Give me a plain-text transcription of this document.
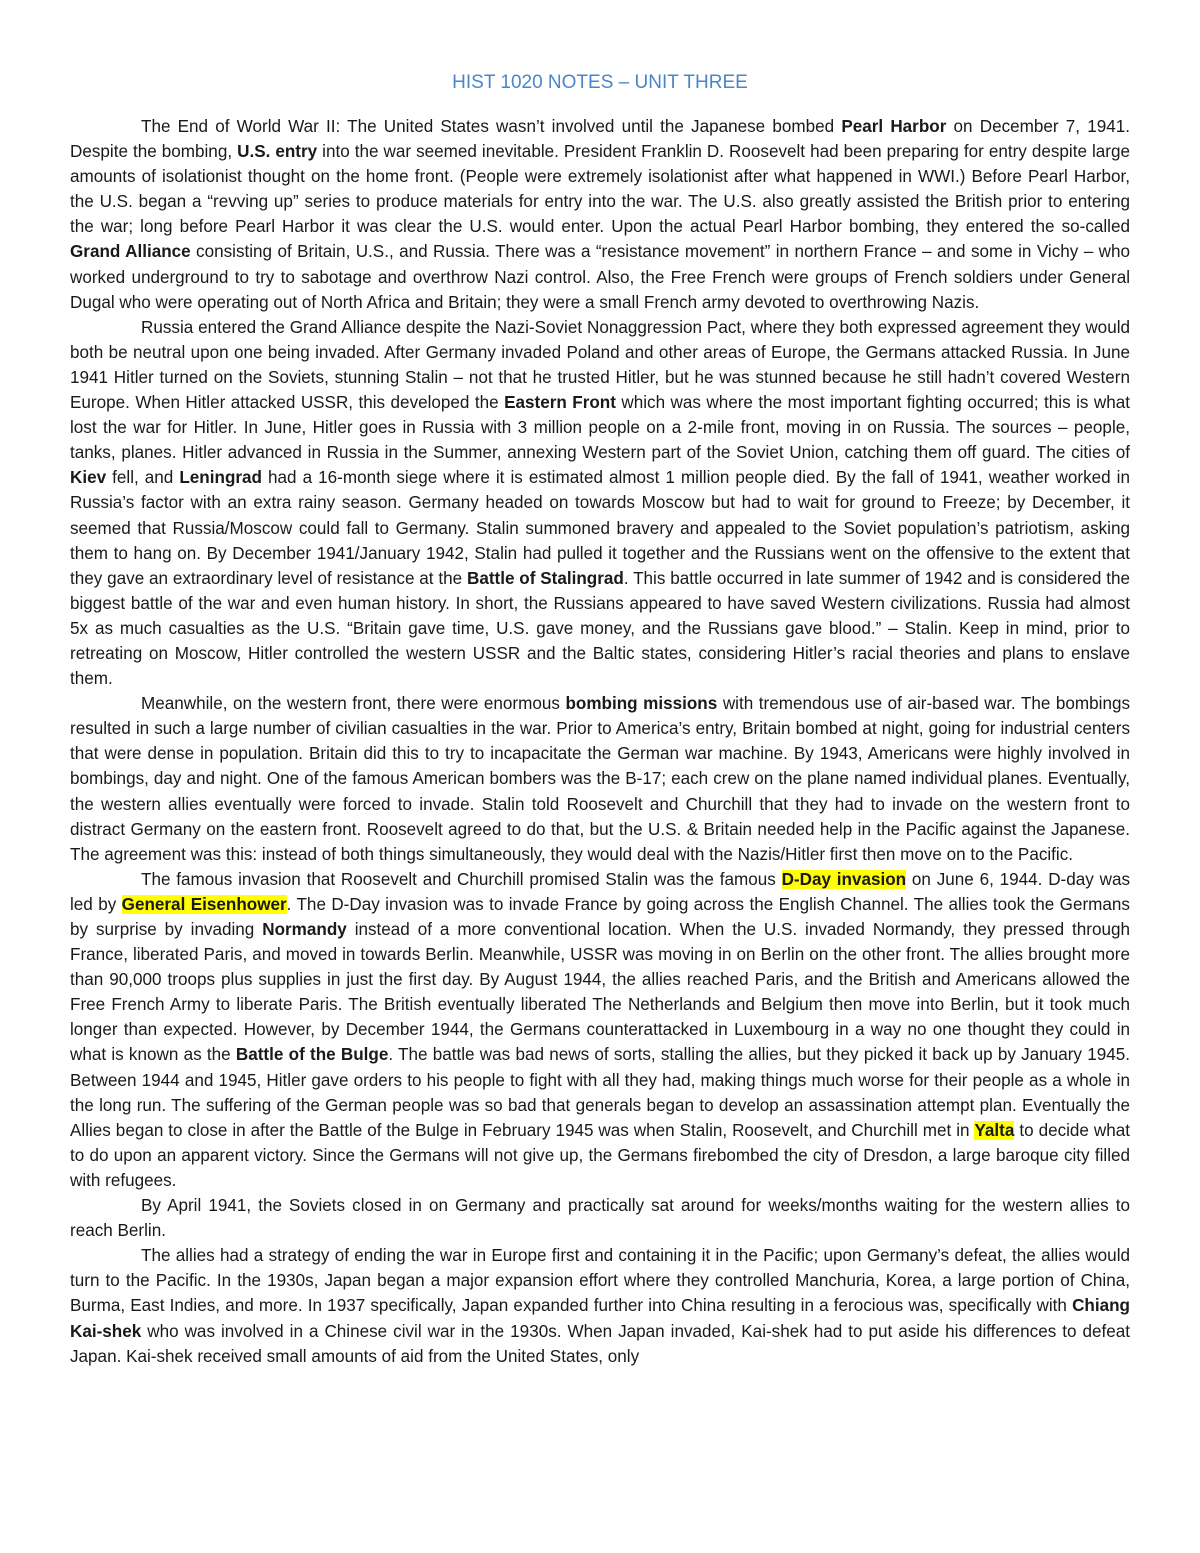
HIST 1020 NOTES – UNIT THREE

The End of World War II: The United States wasn’t involved until the Japanese bombed Pearl Harbor on December 7, 1941. Despite the bombing, U.S. entry into the war seemed inevitable. President Franklin D. Roosevelt had been preparing for entry despite large amounts of isolationist thought on the home front. (People were extremely isolationist after what happened in WWI.) Before Pearl Harbor, the U.S. began a “revving up” series to produce materials for entry into the war. The U.S. also greatly assisted the British prior to entering the war; long before Pearl Harbor it was clear the U.S. would enter. Upon the actual Pearl Harbor bombing, they entered the so-called Grand Alliance consisting of Britain, U.S., and Russia. There was a “resistance movement” in northern France – and some in Vichy – who worked underground to try to sabotage and overthrow Nazi control. Also, the Free French were groups of French soldiers under General Dugal who were operating out of North Africa and Britain; they were a small French army devoted to overthrowing Nazis.

Russia entered the Grand Alliance despite the Nazi-Soviet Nonaggression Pact, where they both expressed agreement they would both be neutral upon one being invaded. After Germany invaded Poland and other areas of Europe, the Germans attacked Russia. In June 1941 Hitler turned on the Soviets, stunning Stalin – not that he trusted Hitler, but he was stunned because he still hadn’t covered Western Europe. When Hitler attacked USSR, this developed the Eastern Front which was where the most important fighting occurred; this is what lost the war for Hitler. In June, Hitler goes in Russia with 3 million people on a 2-mile front, moving in on Russia. The sources – people, tanks, planes. Hitler advanced in Russia in the Summer, annexing Western part of the Soviet Union, catching them off guard. The cities of Kiev fell, and Leningrad had a 16-month siege where it is estimated almost 1 million people died. By the fall of 1941, weather worked in Russia’s factor with an extra rainy season. Germany headed on towards Moscow but had to wait for ground to Freeze; by December, it seemed that Russia/Moscow could fall to Germany. Stalin summoned bravery and appealed to the Soviet population’s patriotism, asking them to hang on. By December 1941/January 1942, Stalin had pulled it together and the Russians went on the offensive to the extent that they gave an extraordinary level of resistance at the Battle of Stalingrad. This battle occurred in late summer of 1942 and is considered the biggest battle of the war and even human history. In short, the Russians appeared to have saved Western civilizations. Russia had almost 5x as much casualties as the U.S. “Britain gave time, U.S. gave money, and the Russians gave blood.” – Stalin. Keep in mind, prior to retreating on Moscow, Hitler controlled the western USSR and the Baltic states, considering Hitler’s racial theories and plans to enslave them.

Meanwhile, on the western front, there were enormous bombing missions with tremendous use of air-based war. The bombings resulted in such a large number of civilian casualties in the war. Prior to America’s entry, Britain bombed at night, going for industrial centers that were dense in population. Britain did this to try to incapacitate the German war machine. By 1943, Americans were highly involved in bombings, day and night. One of the famous American bombers was the B-17; each crew on the plane named individual planes. Eventually, the western allies eventually were forced to invade. Stalin told Roosevelt and Churchill that they had to invade on the western front to distract Germany on the eastern front. Roosevelt agreed to do that, but the U.S. & Britain needed help in the Pacific against the Japanese. The agreement was this: instead of both things simultaneously, they would deal with the Nazis/Hitler first then move on to the Pacific.

The famous invasion that Roosevelt and Churchill promised Stalin was the famous D-Day invasion on June 6, 1944. D-day was led by General Eisenhower. The D-Day invasion was to invade France by going across the English Channel. The allies took the Germans by surprise by invading Normandy instead of a more conventional location. When the U.S. invaded Normandy, they pressed through France, liberated Paris, and moved in towards Berlin. Meanwhile, USSR was moving in on Berlin on the other front. The allies brought more than 90,000 troops plus supplies in just the first day. By August 1944, the allies reached Paris, and the British and Americans allowed the Free French Army to liberate Paris. The British eventually liberated The Netherlands and Belgium then move into Berlin, but it took much longer than expected. However, by December 1944, the Germans counterattacked in Luxembourg in a way no one thought they could in what is known as the Battle of the Bulge. The battle was bad news of sorts, stalling the allies, but they picked it back up by January 1945. Between 1944 and 1945, Hitler gave orders to his people to fight with all they had, making things much worse for their people as a whole in the long run. The suffering of the German people was so bad that generals began to develop an assassination attempt plan. Eventually the Allies began to close in after the Battle of the Bulge in February 1945 was when Stalin, Roosevelt, and Churchill met in Yalta to decide what to do upon an apparent victory. Since the Germans will not give up, the Germans firebombed the city of Dresdon, a large baroque city filled with refugees.

By April 1941, the Soviets closed in on Germany and practically sat around for weeks/months waiting for the western allies to reach Berlin.

The allies had a strategy of ending the war in Europe first and containing it in the Pacific; upon Germany’s defeat, the allies would turn to the Pacific. In the 1930s, Japan began a major expansion effort where they controlled Manchuria, Korea, a large portion of China, Burma, East Indies, and more. In 1937 specifically, Japan expanded further into China resulting in a ferocious was, specifically with Chiang Kai-shek who was involved in a Chinese civil war in the 1930s. When Japan invaded, Kai-shek had to put aside his differences to defeat Japan. Kai-shek received small amounts of aid from the United States, only
